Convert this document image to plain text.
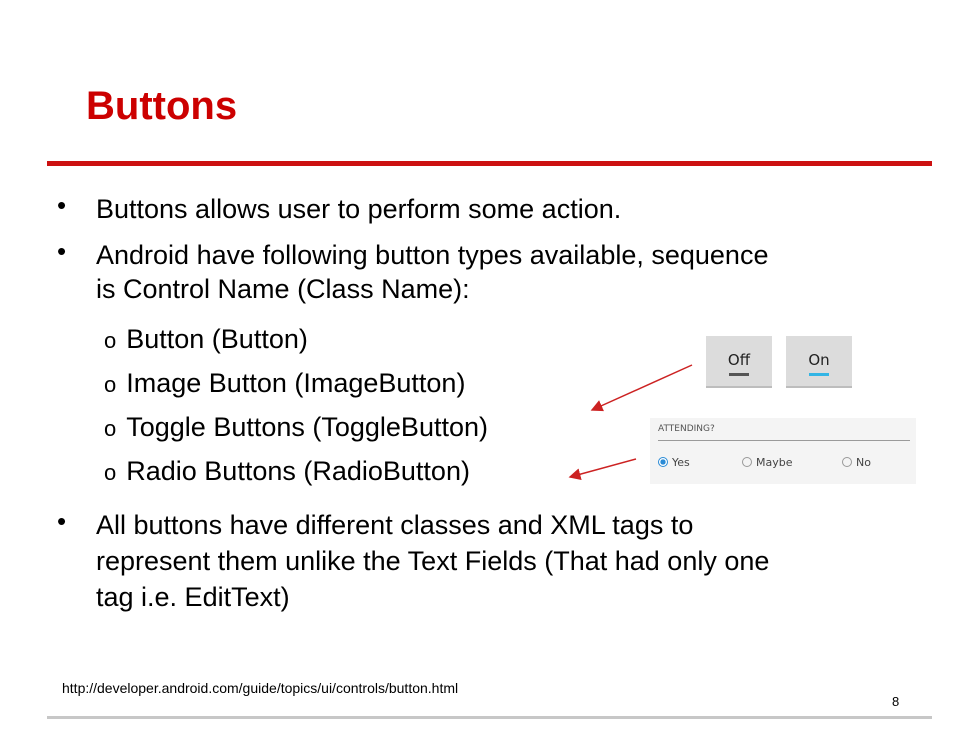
Buttons
• Buttons allows user to perform some action.
• Android have following button types available, sequence
is Control Name (Class Name):
o Button (Button)
o Image Button (ImageButton)
o Toggle Buttons (ToggleButton)
o Radio Buttons (RadioButton)
• All buttons have different classes and XML tags to
represent them unlike the Text Fields (That had only one
tag i.e. EditText)
Off	On
ATTENDING?
Yes	Maybe	No
http://developer.android.com/guide/topics/ui/controls/button.html
8
